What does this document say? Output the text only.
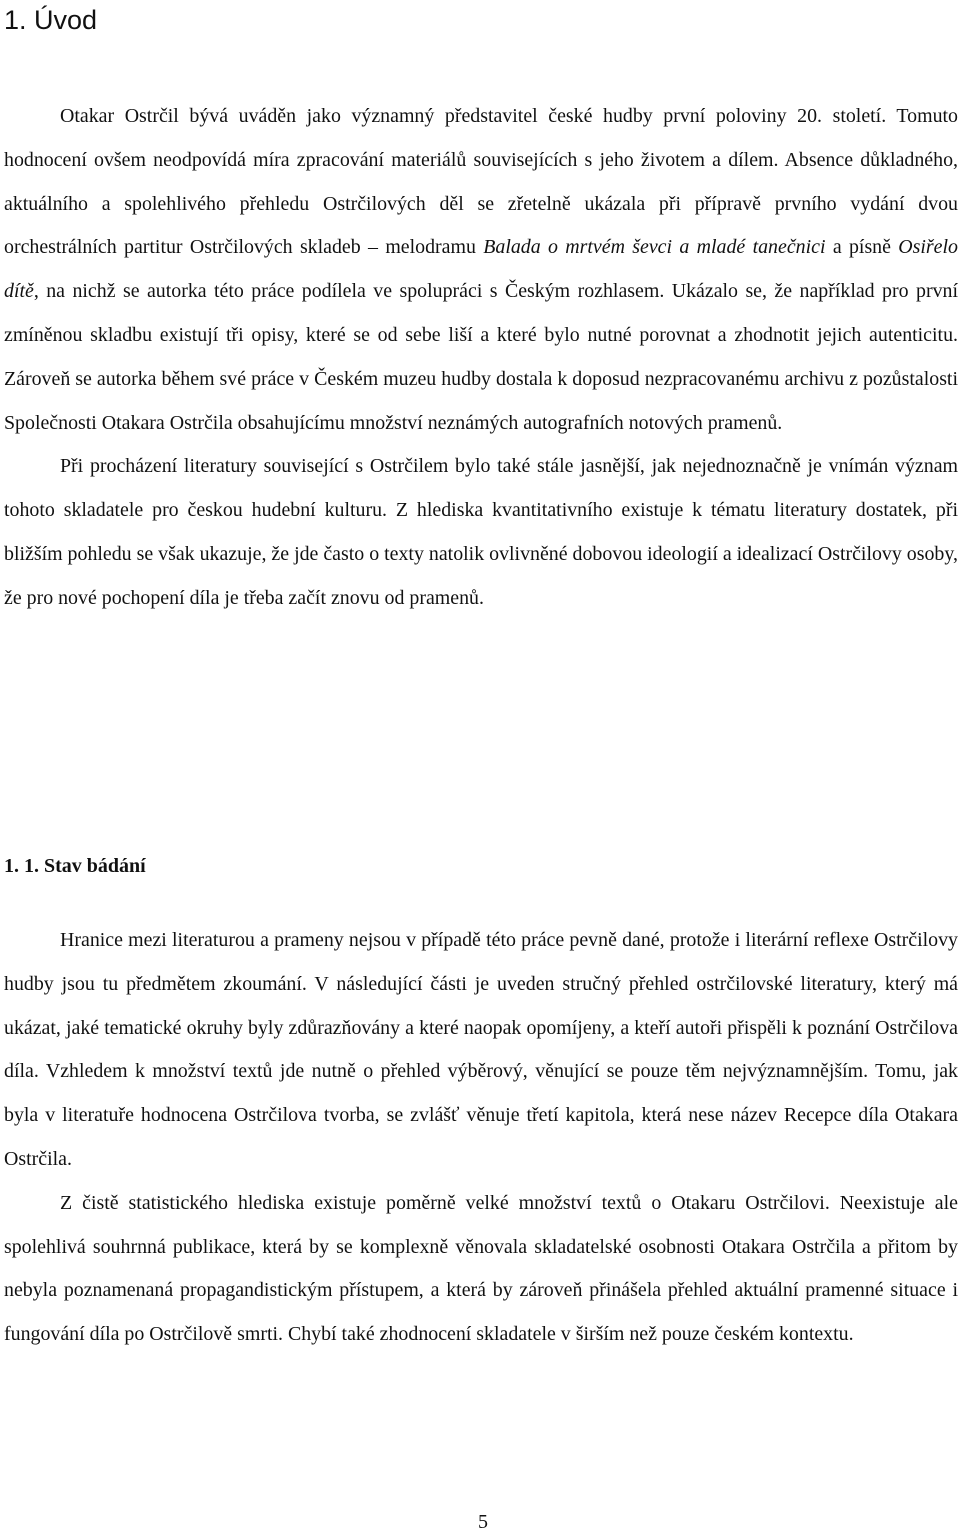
1. Úvod

Otakar Ostrčil bývá uváděn jako významný představitel české hudby první poloviny 20. století. Tomuto hodnocení ovšem neodpovídá míra zpracování materiálů souvisejících s jeho životem a dílem. Absence důkladného, aktuálního a spolehlivého přehledu Ostrčilových děl se zřetelně ukázala při přípravě prvního vydání dvou orchestrálních partitur Ostrčilových skladeb – melodramu Balada o mrtvém ševci a mladé tanečnici a písně Osiřelo dítě, na nichž se autorka této práce podílela ve spolupráci s Českým rozhlasem. Ukázalo se, že například pro první zmíněnou skladbu existují tři opisy, které se od sebe liší a které bylo nutné porovnat a zhodnotit jejich autenticitu. Zároveň se autorka během své práce v Českém muzeu hudby dostala k doposud nezpracovanému archivu z pozůstalosti Společnosti Otakara Ostrčila obsahujícímu množství neznámých autografních notových pramenů.

Při procházení literatury související s Ostrčilem bylo také stále jasnější, jak nejednoznačně je vnímán význam tohoto skladatele pro českou hudební kulturu. Z hlediska kvantitativního existuje k tématu literatury dostatek, při bližším pohledu se však ukazuje, že jde často o texty natolik ovlivněné dobovou ideologií a idealizací Ostrčilovy osoby, že pro nové pochopení díla je třeba začít znovu od pramenů.

1. 1. Stav bádání

Hranice mezi literaturou a prameny nejsou v případě této práce pevně dané, protože i literární reflexe Ostrčilovy hudby jsou tu předmětem zkoumání. V následující části je uveden stručný přehled ostrčilovské literatury, který má ukázat, jaké tematické okruhy byly zdůrazňovány a které naopak opomíjeny, a kteří autoři přispěli k poznání Ostrčilova díla. Vzhledem k množství textů jde nutně o přehled výběrový, věnující se pouze těm nejvýznamnějším. Tomu, jak byla v literatuře hodnocena Ostrčilova tvorba, se zvlášť věnuje třetí kapitola, která nese název Recepce díla Otakara Ostrčila.

Z čistě statistického hlediska existuje poměrně velké množství textů o Otakaru Ostrčilovi. Neexistuje ale spolehlivá souhrnná publikace, která by se komplexně věnovala skladatelské osobnosti Otakara Ostrčila a přitom by nebyla poznamenaná propagandistickým přístupem, a která by zároveň přinášela přehled aktuální pramenné situace i fungování díla po Ostrčilově smrti. Chybí také zhodnocení skladatele v širším než pouze českém kontextu.

5
